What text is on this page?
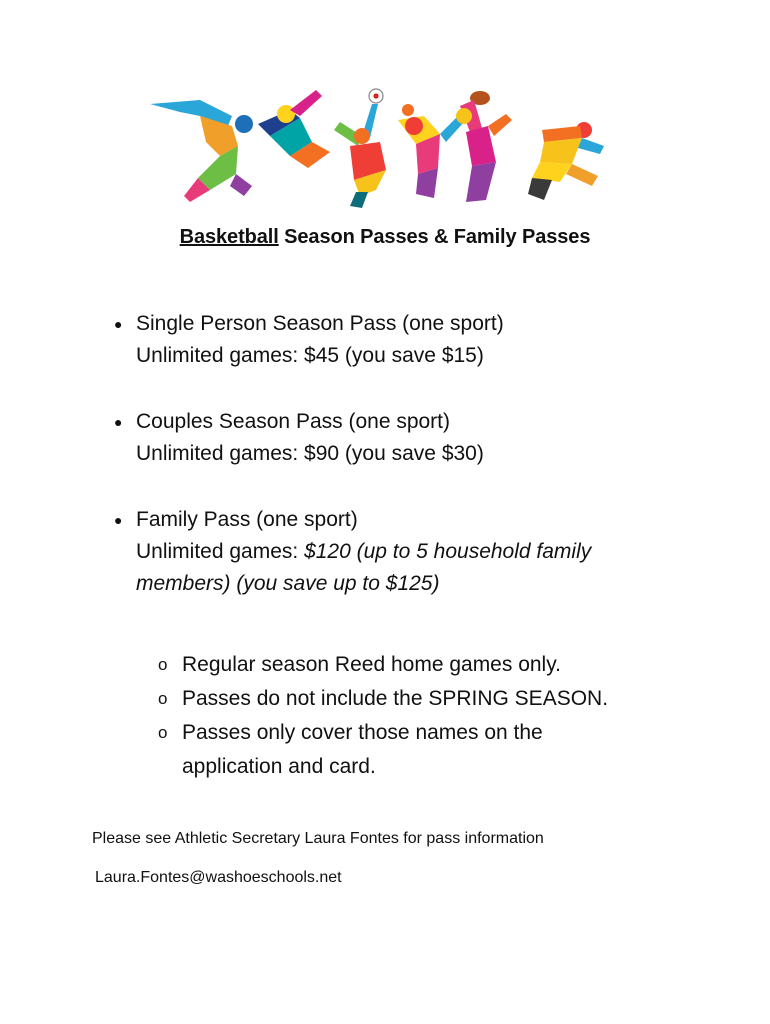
Basketball Season Passes & Family Passes
● Single Person Season Pass (one sport)
Unlimited games: $45 (you save $15)
● Couples Season Pass (one sport)
Unlimited games: $90 (you save $30)
● Family Pass (one sport)
Unlimited games: $120 (up to 5 household family
members) (you save up to $125)
o Regular season Reed home games only.
o Passes do not include the SPRING SEASON.
o Passes only cover those names on the application and card.
Please see Athletic Secretary Laura Fontes for pass information
Laura.Fontes@washoeschools.net
